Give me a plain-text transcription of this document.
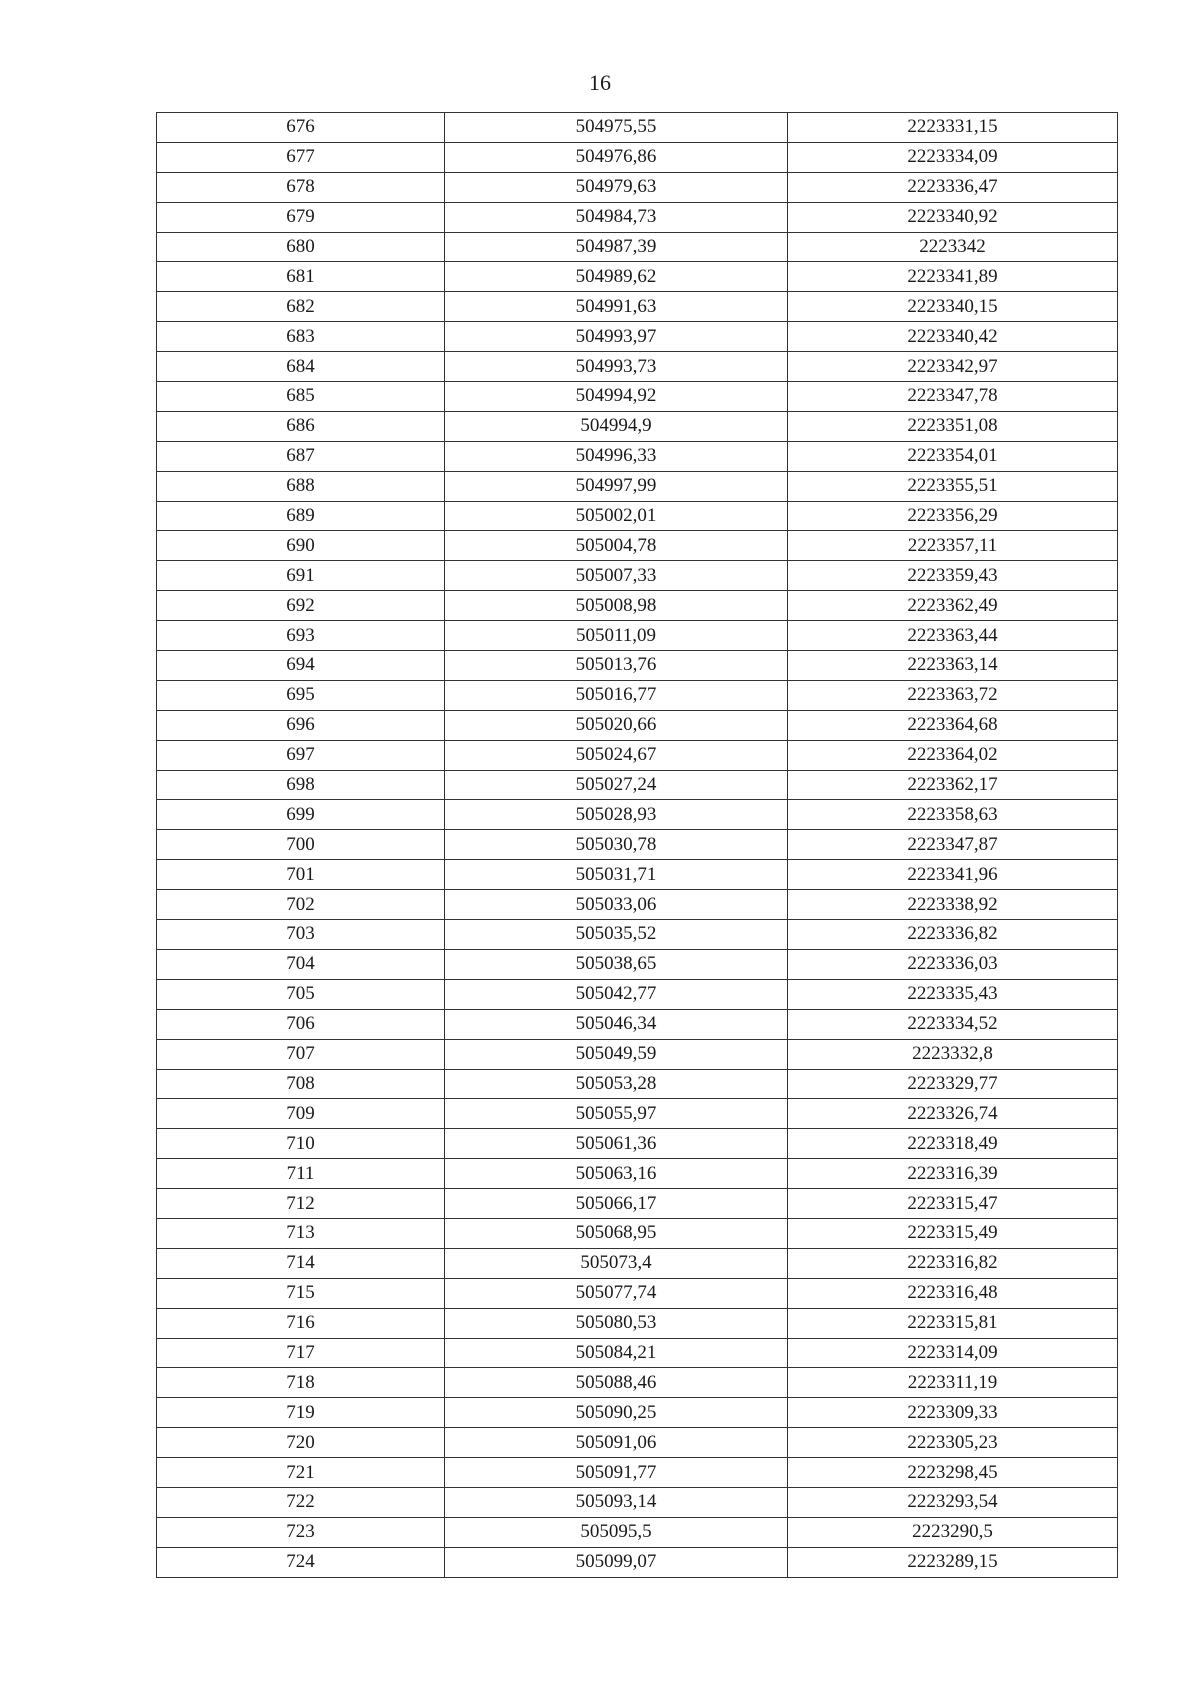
16
676	504975,55	2223331,15
677	504976,86	2223334,09
678	504979,63	2223336,47
679	504984,73	2223340,92
680	504987,39	2223342
681	504989,62	2223341,89
682	504991,63	2223340,15
683	504993,97	2223340,42
684	504993,73	2223342,97
685	504994,92	2223347,78
686	504994,9	2223351,08
687	504996,33	2223354,01
688	504997,99	2223355,51
689	505002,01	2223356,29
690	505004,78	2223357,11
691	505007,33	2223359,43
692	505008,98	2223362,49
693	505011,09	2223363,44
694	505013,76	2223363,14
695	505016,77	2223363,72
696	505020,66	2223364,68
697	505024,67	2223364,02
698	505027,24	2223362,17
699	505028,93	2223358,63
700	505030,78	2223347,87
701	505031,71	2223341,96
702	505033,06	2223338,92
703	505035,52	2223336,82
704	505038,65	2223336,03
705	505042,77	2223335,43
706	505046,34	2223334,52
707	505049,59	2223332,8
708	505053,28	2223329,77
709	505055,97	2223326,74
710	505061,36	2223318,49
711	505063,16	2223316,39
712	505066,17	2223315,47
713	505068,95	2223315,49
714	505073,4	2223316,82
715	505077,74	2223316,48
716	505080,53	2223315,81
717	505084,21	2223314,09
718	505088,46	2223311,19
719	505090,25	2223309,33
720	505091,06	2223305,23
721	505091,77	2223298,45
722	505093,14	2223293,54
723	505095,5	2223290,5
724	505099,07	2223289,15
